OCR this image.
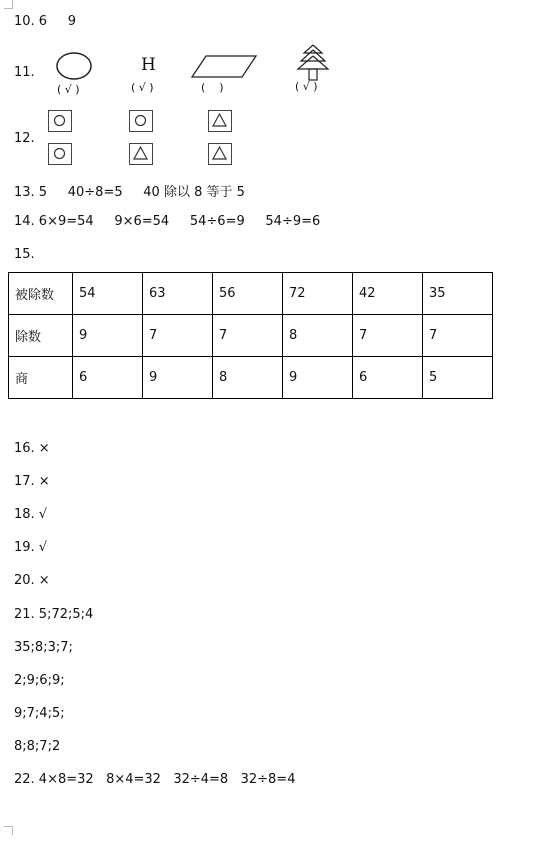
10. 6     9
11.	H
( √ )	( √ )	(    )	( √ )
12.
13. 5     40÷8=5     40 除以 8 等于 5
14. 6×9=54     9×6=54     54÷6=9     54÷9=6
15.
被除数	54	63	56	72	42	35
除数	9	7	7	8	7	7
商	6	9	8	9	6	5
16. ×
17. ×
18. √
19. √
20. ×
21. 5;72;5;4
35;8;3;7;
2;9;6;9;
9;7;4;5;
8;8;7;2
22. 4×8=32   8×4=32   32÷4=8   32÷8=4
